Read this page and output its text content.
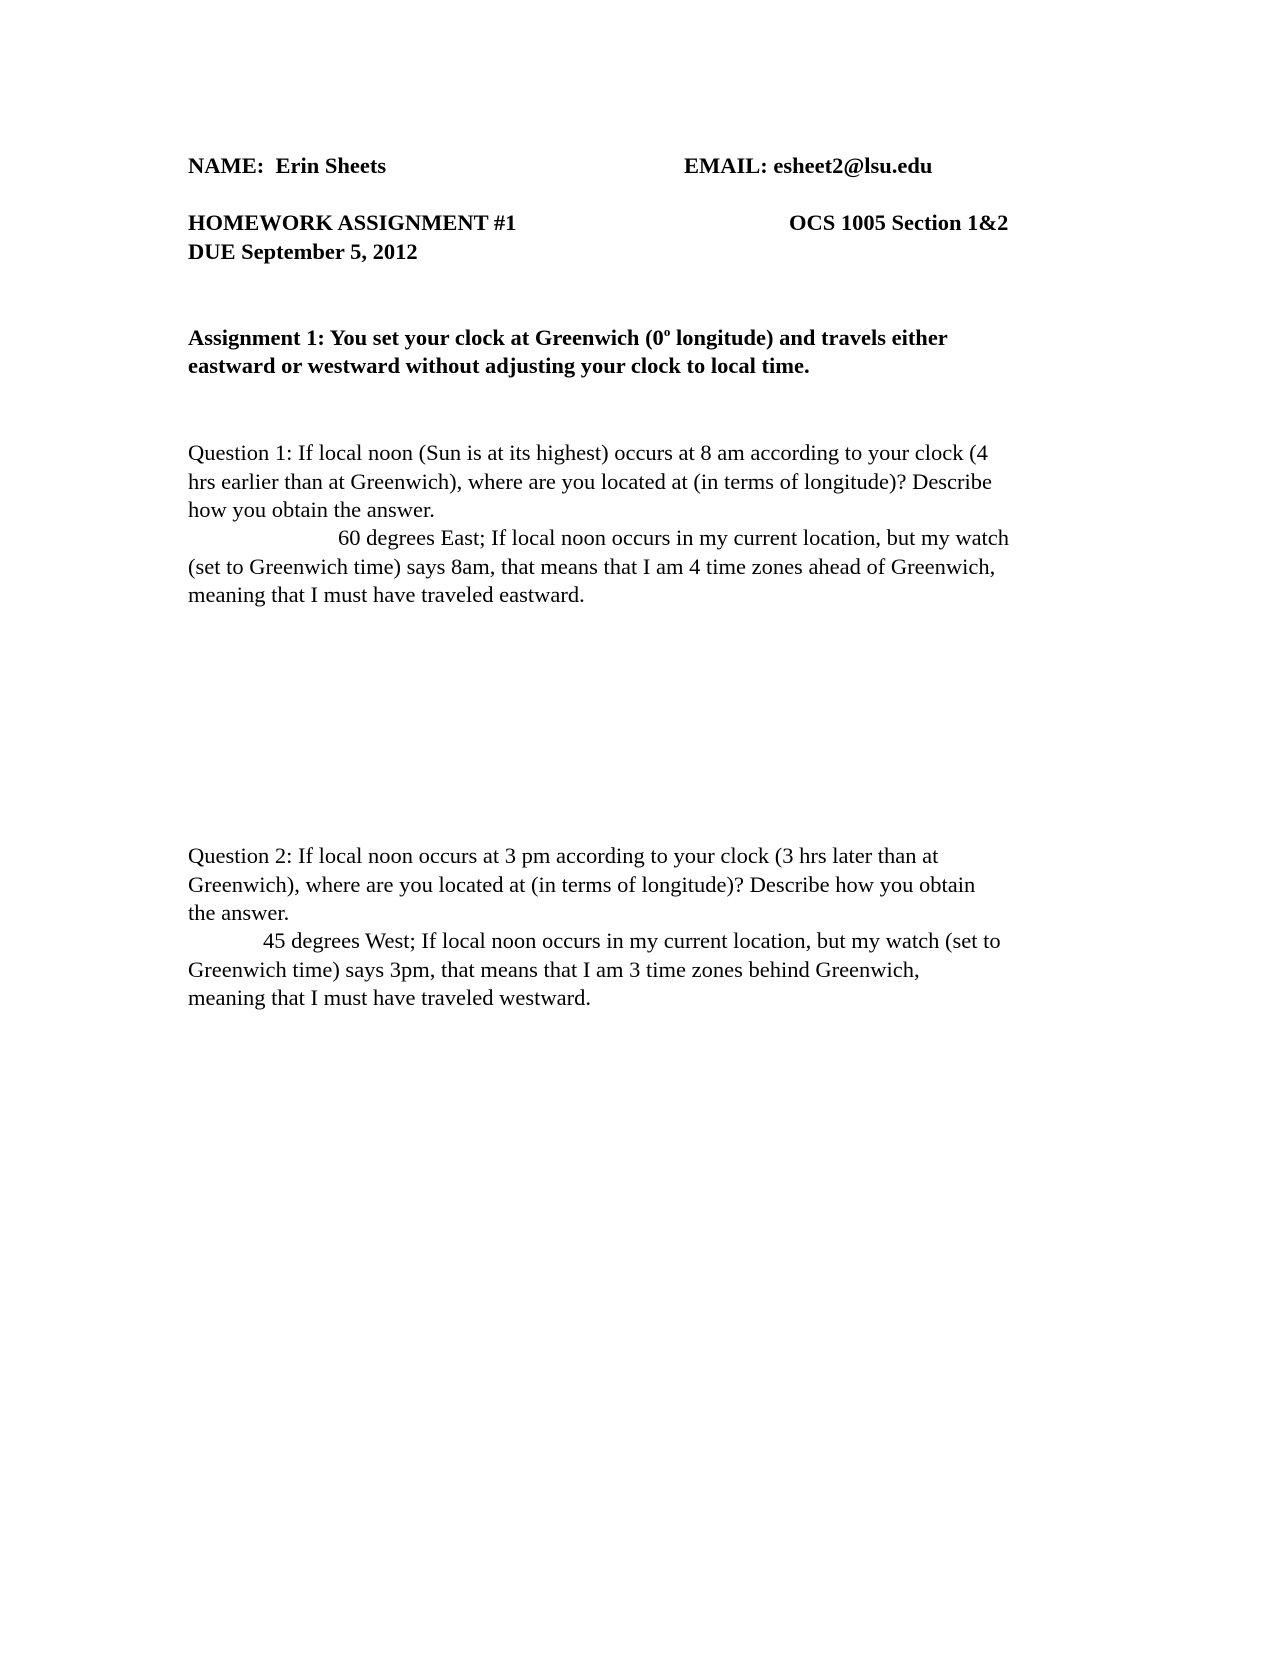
NAME: Erin Sheets	EMAIL: esheet2@lsu.edu
HOMEWORK ASSIGNMENT #1	OCS 1005 Section 1&2
DUE September 5, 2012
Assignment 1: You set your clock at Greenwich (0$^o$ longitude) and travels either
eastward or westward without adjusting your clock to local time.
Question 1: If local noon (Sun is at its highest) occurs at 8 am according to your clock (4
hrs earlier than at Greenwich), where are you located at (in terms of longitude)? Describe
how you obtain the answer.
60 degrees East; If local noon occurs in my current location, but my watch
(set to Greenwich time) says 8am, that means that I am 4 time zones ahead of Greenwich,
meaning that I must have traveled eastward.
Question 2: If local noon occurs at 3 pm according to your clock (3 hrs later than at
Greenwich), where are you located at (in terms of longitude)? Describe how you obtain
the answer.
45 degrees West; If local noon occurs in my current location, but my watch (set to
Greenwich time) says 3pm, that means that I am 3 time zones behind Greenwich,
meaning that I must have traveled westward.
